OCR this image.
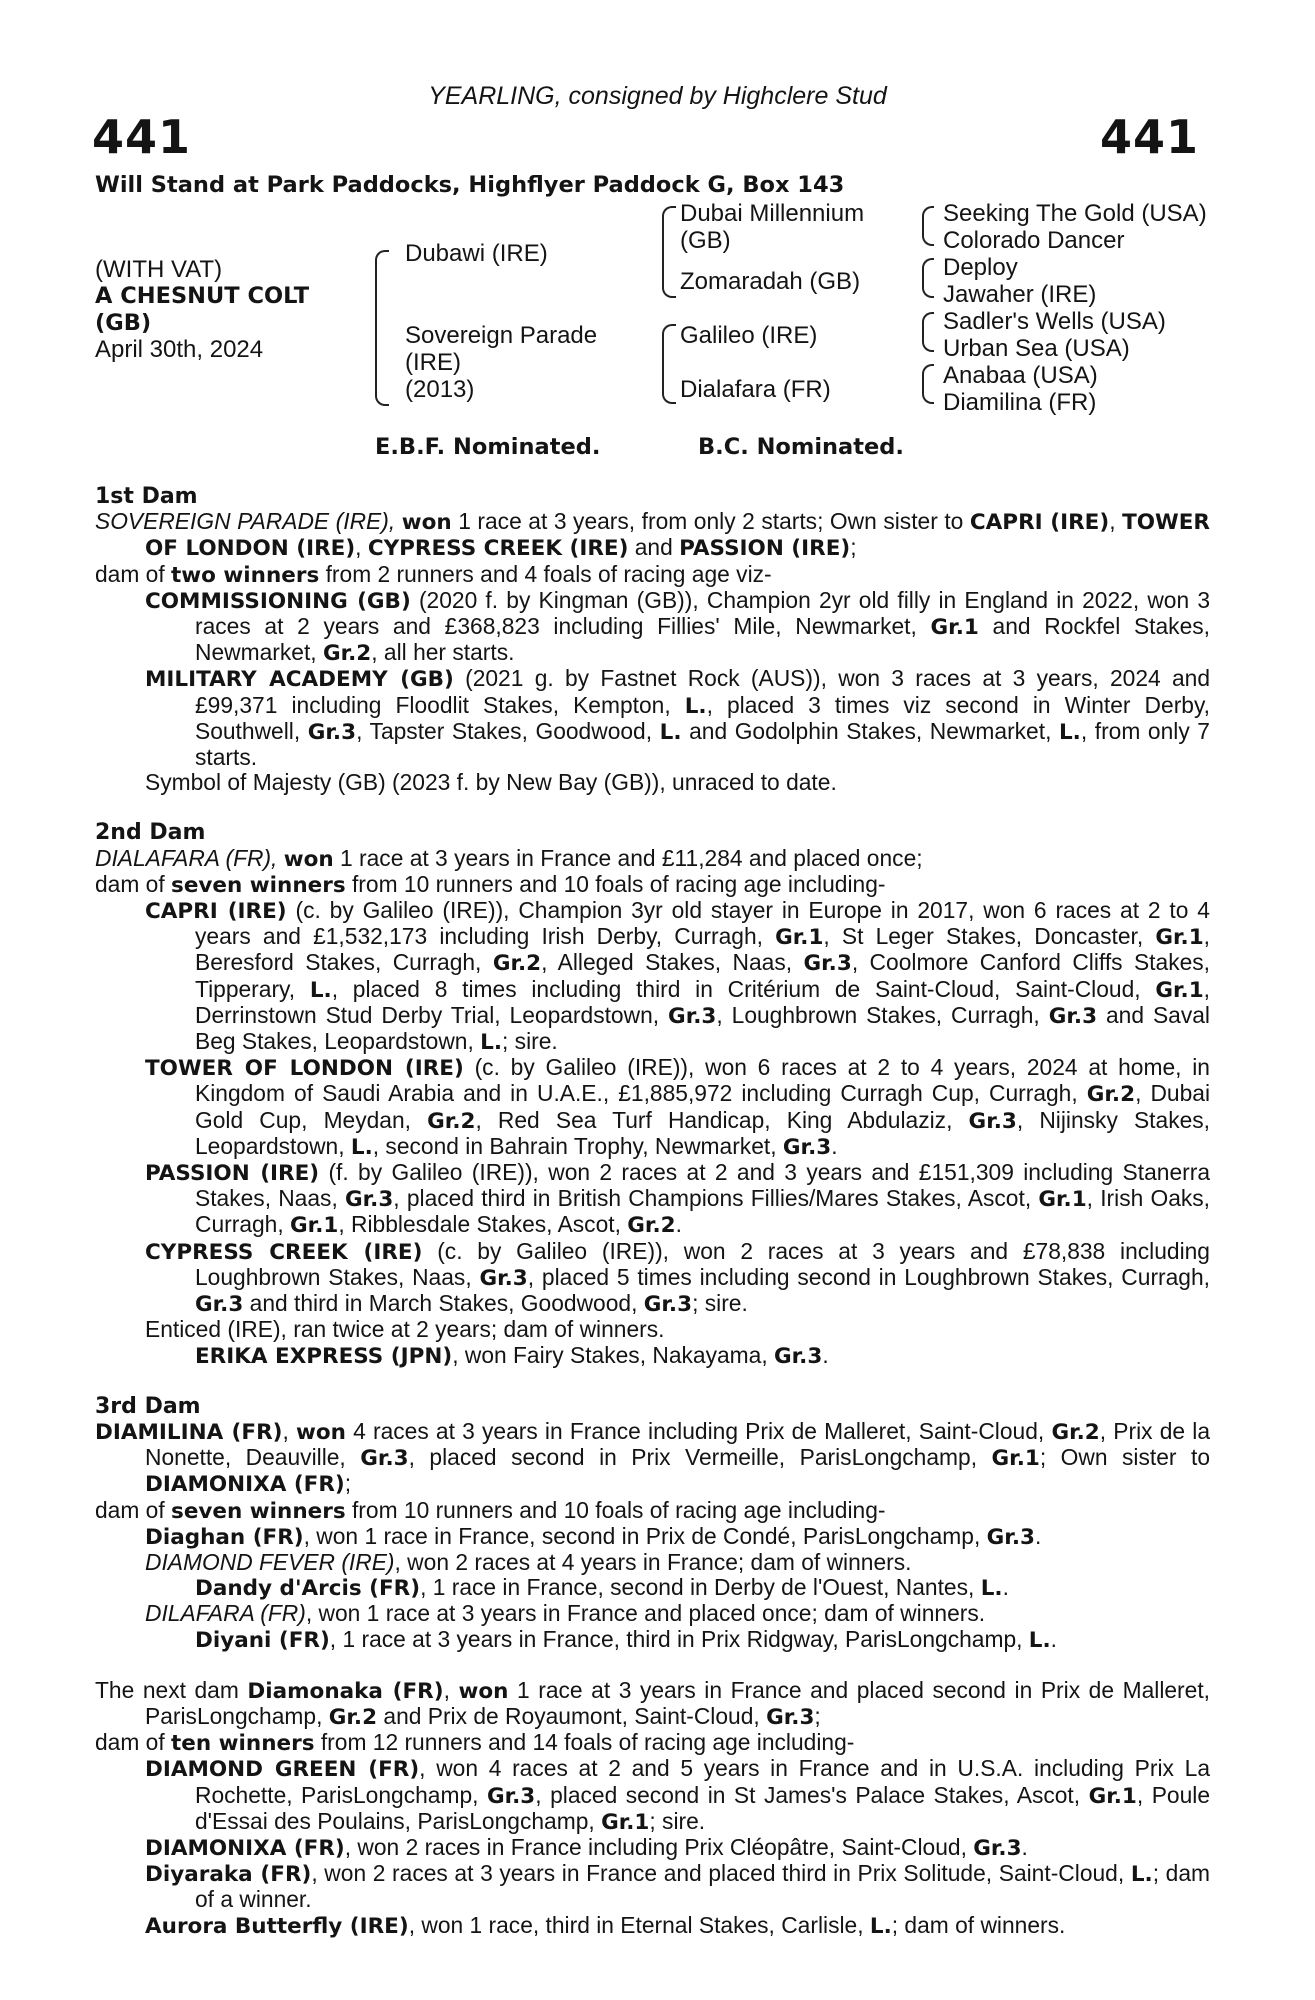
441	441
YEARLING, consigned by Highclere Stud
Will Stand at Park Paddocks, Highflyer Paddock G, Box 143
(WITH VAT)
A CHESNUT COLT
(GB)
April 30th, 2024
Dubawi (IRE)
Sovereign Parade
(IRE)
(2013)
Dubai Millennium
(GB)
Zomaradah (GB)
Galileo (IRE)
Dialafara (FR)
Seeking The Gold (USA)
Colorado Dancer
Deploy
Jawaher (IRE)
Sadler's Wells (USA)
Urban Sea (USA)
Anabaa (USA)
Diamilina (FR)
E.B.F. Nominated.	B.C. Nominated.
1st Dam

SOVEREIGN PARADE (IRE), won 1 race at 3 years, from only 2 starts; Own sister to CAPRI (IRE), TOWER OF LONDON (IRE), CYPRESS CREEK (IRE) and PASSION (IRE);

dam of two winners from 2 runners and 4 foals of racing age viz-

COMMISSIONING (GB) (2020 f. by Kingman (GB)), Champion 2yr old filly in England in 2022, won 3 races at 2 years and £368,823 including Fillies' Mile, Newmarket, Gr.1 and Rockfel Stakes, Newmarket, Gr.2, all her starts.

MILITARY ACADEMY (GB) (2021 g. by Fastnet Rock (AUS)), won 3 races at 3 years, 2024 and £99,371 including Floodlit Stakes, Kempton, L., placed 3 times viz second in Winter Derby, Southwell, Gr.3, Tapster Stakes, Goodwood, L. and Godolphin Stakes, Newmarket, L., from only 7 starts.

Symbol of Majesty (GB) (2023 f. by New Bay (GB)), unraced to date.

2nd Dam

DIALAFARA (FR), won 1 race at 3 years in France and £11,284 and placed once;

dam of seven winners from 10 runners and 10 foals of racing age including-

CAPRI (IRE) (c. by Galileo (IRE)), Champion 3yr old stayer in Europe in 2017, won 6 races at 2 to 4 years and £1,532,173 including Irish Derby, Curragh, Gr.1, St Leger Stakes, Doncaster, Gr.1, Beresford Stakes, Curragh, Gr.2, Alleged Stakes, Naas, Gr.3, Coolmore Canford Cliffs Stakes, Tipperary, L., placed 8 times including third in Critérium de Saint-Cloud, Saint-Cloud, Gr.1, Derrinstown Stud Derby Trial, Leopardstown, Gr.3, Loughbrown Stakes, Curragh, Gr.3 and Saval Beg Stakes, Leopardstown, L.; sire.

TOWER OF LONDON (IRE) (c. by Galileo (IRE)), won 6 races at 2 to 4 years, 2024 at home, in Kingdom of Saudi Arabia and in U.A.E., £1,885,972 including Curragh Cup, Curragh, Gr.2, Dubai Gold Cup, Meydan, Gr.2, Red Sea Turf Handicap, King Abdulaziz, Gr.3, Nijinsky Stakes, Leopardstown, L., second in Bahrain Trophy, Newmarket, Gr.3.

PASSION (IRE) (f. by Galileo (IRE)), won 2 races at 2 and 3 years and £151,309 including Stanerra Stakes, Naas, Gr.3, placed third in British Champions Fillies/Mares Stakes, Ascot, Gr.1, Irish Oaks, Curragh, Gr.1, Ribblesdale Stakes, Ascot, Gr.2.

CYPRESS CREEK (IRE) (c. by Galileo (IRE)), won 2 races at 3 years and £78,838 including Loughbrown Stakes, Naas, Gr.3, placed 5 times including second in Loughbrown Stakes, Curragh, Gr.3 and third in March Stakes, Goodwood, Gr.3; sire.

Enticed (IRE), ran twice at 2 years; dam of winners.

ERIKA EXPRESS (JPN), won Fairy Stakes, Nakayama, Gr.3.

3rd Dam

DIAMILINA (FR), won 4 races at 3 years in France including Prix de Malleret, Saint-Cloud, Gr.2, Prix de la Nonette, Deauville, Gr.3, placed second in Prix Vermeille, ParisLongchamp, Gr.1; Own sister to DIAMONIXA (FR);

dam of seven winners from 10 runners and 10 foals of racing age including-

Diaghan (FR), won 1 race in France, second in Prix de Condé, ParisLongchamp, Gr.3.

DIAMOND FEVER (IRE), won 2 races at 4 years in France; dam of winners.

Dandy d'Arcis (FR), 1 race in France, second in Derby de l'Ouest, Nantes, L..

DILAFARA (FR), won 1 race at 3 years in France and placed once; dam of winners.

Diyani (FR), 1 race at 3 years in France, third in Prix Ridgway, ParisLongchamp, L..

The next dam Diamonaka (FR), won 1 race at 3 years in France and placed second in Prix de Malleret, ParisLongchamp, Gr.2 and Prix de Royaumont, Saint-Cloud, Gr.3;

dam of ten winners from 12 runners and 14 foals of racing age including-

DIAMOND GREEN (FR), won 4 races at 2 and 5 years in France and in U.S.A. including Prix La Rochette, ParisLongchamp, Gr.3, placed second in St James's Palace Stakes, Ascot, Gr.1, Poule d'Essai des Poulains, ParisLongchamp, Gr.1; sire.

DIAMONIXA (FR), won 2 races in France including Prix Cléopâtre, Saint-Cloud, Gr.3.

Diyaraka (FR), won 2 races at 3 years in France and placed third in Prix Solitude, Saint-Cloud, L.; dam of a winner.

Aurora Butterfly (IRE), won 1 race, third in Eternal Stakes, Carlisle, L.; dam of winners.
